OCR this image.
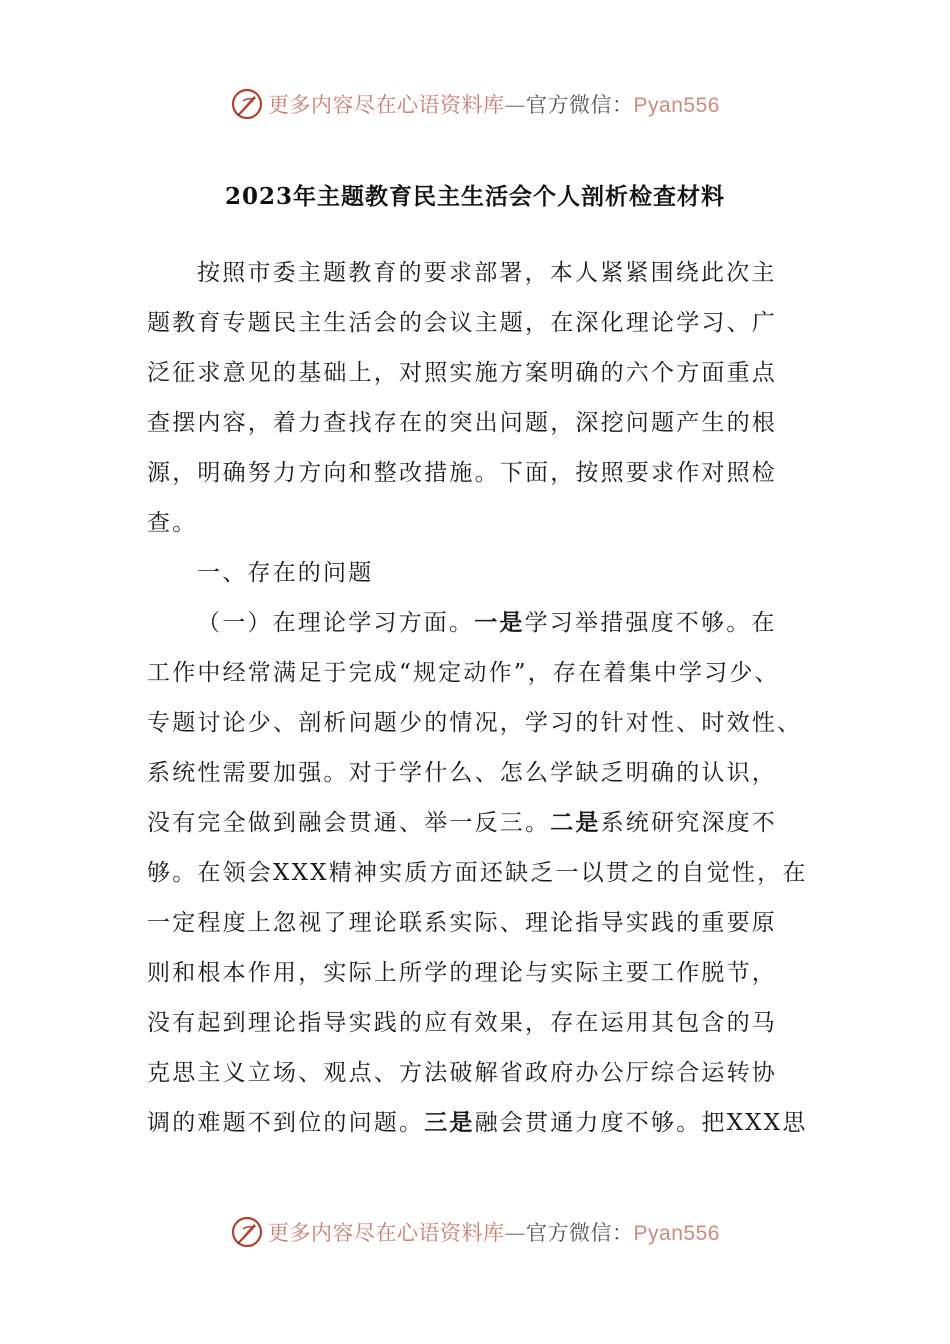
更多内容尽在心语资料库—官方微信：Pyan556
2023年主题教育民主生活会个人剖析检查材料
按照市委主题教育的要求部署，本人紧紧围绕此次主
题教育专题民主生活会的会议主题，在深化理论学习、广
泛征求意见的基础上，对照实施方案明确的六个方面重点
查摆内容，着力查找存在的突出问题，深挖问题产生的根
源，明确努力方向和整改措施。下面，按照要求作对照检
查。
一、存在的问题
（一）在理论学习方面。一是学习举措强度不够。在
工作中经常满足于完成“规定动作”，存在着集中学习少、
专题讨论少、剖析问题少的情况，学习的针对性、时效性、
系统性需要加强。对于学什么、怎么学缺乏明确的认识，
没有完全做到融会贯通、举一反三。二是系统研究深度不
够。在领会XXX精神实质方面还缺乏一以贯之的自觉性，在
一定程度上忽视了理论联系实际、理论指导实践的重要原
则和根本作用，实际上所学的理论与实际主要工作脱节，
没有起到理论指导实践的应有效果，存在运用其包含的马
克思主义立场、观点、方法破解省政府办公厅综合运转协
调的难题不到位的问题。三是融会贯通力度不够。把XXX思
更多内容尽在心语资料库—官方微信：Pyan556
